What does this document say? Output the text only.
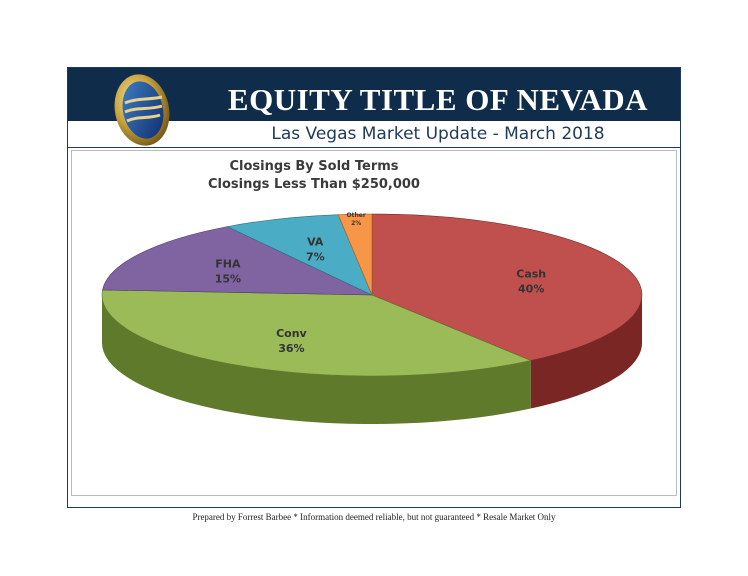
EQUITY TITLE OF NEVADA
Las Vegas Market Update - March 2018
Closings By Sold Terms
Closings Less Than $250,000
Cash
40%
Conv
36%
FHA
15%
VA
7%
Other
2%
Prepared by Forrest Barbee * Information deemed reliable, but not guaranteed * Resale Market Only
